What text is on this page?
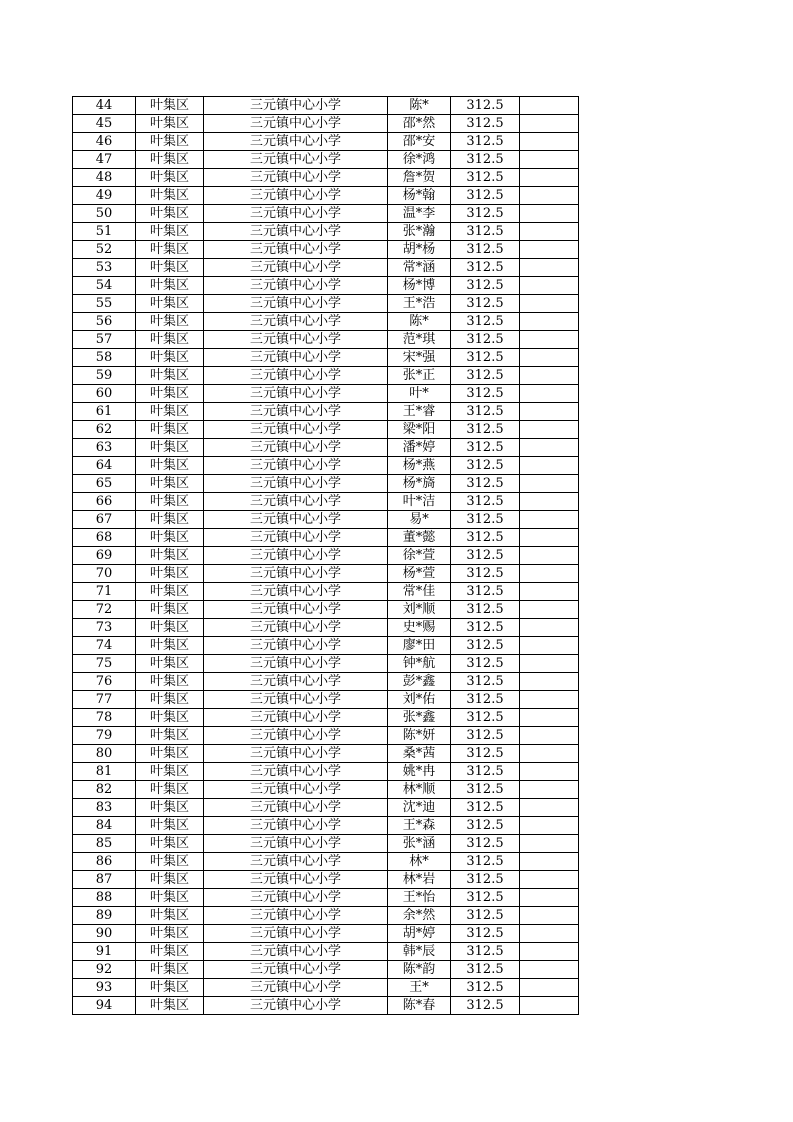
44	叶集区	三元镇中心小学	陈*	312.5	
45	叶集区	三元镇中心小学	邵*然	312.5	
46	叶集区	三元镇中心小学	邵*安	312.5	
47	叶集区	三元镇中心小学	徐*鸿	312.5	
48	叶集区	三元镇中心小学	詹*贺	312.5	
49	叶集区	三元镇中心小学	杨*翰	312.5	
50	叶集区	三元镇中心小学	温*李	312.5	
51	叶集区	三元镇中心小学	张*瀚	312.5	
52	叶集区	三元镇中心小学	胡*杨	312.5	
53	叶集区	三元镇中心小学	常*涵	312.5	
54	叶集区	三元镇中心小学	杨*博	312.5	
55	叶集区	三元镇中心小学	王*浩	312.5	
56	叶集区	三元镇中心小学	陈*	312.5	
57	叶集区	三元镇中心小学	范*琪	312.5	
58	叶集区	三元镇中心小学	宋*强	312.5	
59	叶集区	三元镇中心小学	张*正	312.5	
60	叶集区	三元镇中心小学	叶*	312.5	
61	叶集区	三元镇中心小学	王*睿	312.5	
62	叶集区	三元镇中心小学	梁*阳	312.5	
63	叶集区	三元镇中心小学	潘*婷	312.5	
64	叶集区	三元镇中心小学	杨*燕	312.5	
65	叶集区	三元镇中心小学	杨*旖	312.5	
66	叶集区	三元镇中心小学	叶*洁	312.5	
67	叶集区	三元镇中心小学	易*	312.5	
68	叶集区	三元镇中心小学	董*懿	312.5	
69	叶集区	三元镇中心小学	徐*萱	312.5	
70	叶集区	三元镇中心小学	杨*萱	312.5	
71	叶集区	三元镇中心小学	常*佳	312.5	
72	叶集区	三元镇中心小学	刘*顺	312.5	
73	叶集区	三元镇中心小学	史*赐	312.5	
74	叶集区	三元镇中心小学	廖*田	312.5	
75	叶集区	三元镇中心小学	钟*航	312.5	
76	叶集区	三元镇中心小学	彭*鑫	312.5	
77	叶集区	三元镇中心小学	刘*佑	312.5	
78	叶集区	三元镇中心小学	张*鑫	312.5	
79	叶集区	三元镇中心小学	陈*妍	312.5	
80	叶集区	三元镇中心小学	桑*茜	312.5	
81	叶集区	三元镇中心小学	姚*冉	312.5	
82	叶集区	三元镇中心小学	林*顺	312.5	
83	叶集区	三元镇中心小学	沈*迪	312.5	
84	叶集区	三元镇中心小学	王*森	312.5	
85	叶集区	三元镇中心小学	张*涵	312.5	
86	叶集区	三元镇中心小学	林*	312.5	
87	叶集区	三元镇中心小学	林*岩	312.5	
88	叶集区	三元镇中心小学	王*怡	312.5	
89	叶集区	三元镇中心小学	余*然	312.5	
90	叶集区	三元镇中心小学	胡*婷	312.5	
91	叶集区	三元镇中心小学	韩*辰	312.5	
92	叶集区	三元镇中心小学	陈*韵	312.5	
93	叶集区	三元镇中心小学	王*	312.5	
94	叶集区	三元镇中心小学	陈*春	312.5	
